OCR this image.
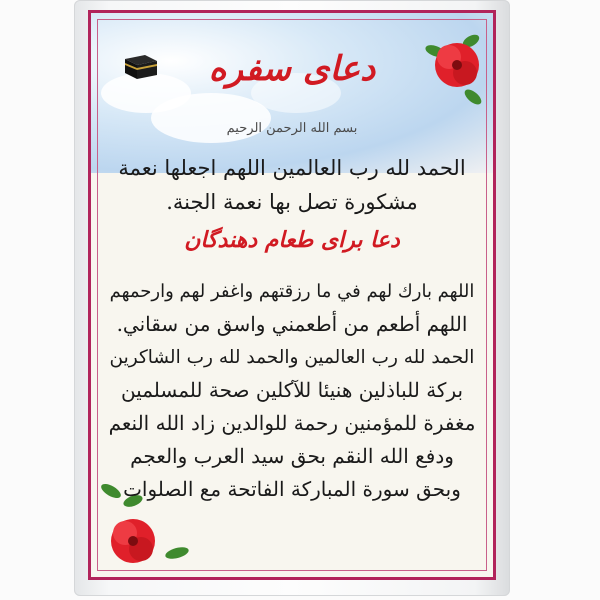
دعای سفره
بسم الله الرحمن الرحيم
الحمد لله رب العالمين اللهم اجعلها نعمة
مشكورة تصل بها نعمة الجنة.
دعا برای طعام دهندگان
اللهم بارك لهم في ما رزقتهم واغفر لهم وارحمهم
اللهم أطعم من أطعمني واسق من سقاني.
الحمد لله رب العالمين والحمد لله رب الشاكرين
بركة للباذلين هنيئا للآكلين صحة للمسلمين
مغفرة للمؤمنين رحمة للوالدين زاد الله النعم
ودفع الله النقم بحق سيد العرب والعجم
وبحق سورة المباركة الفاتحة مع الصلوات
